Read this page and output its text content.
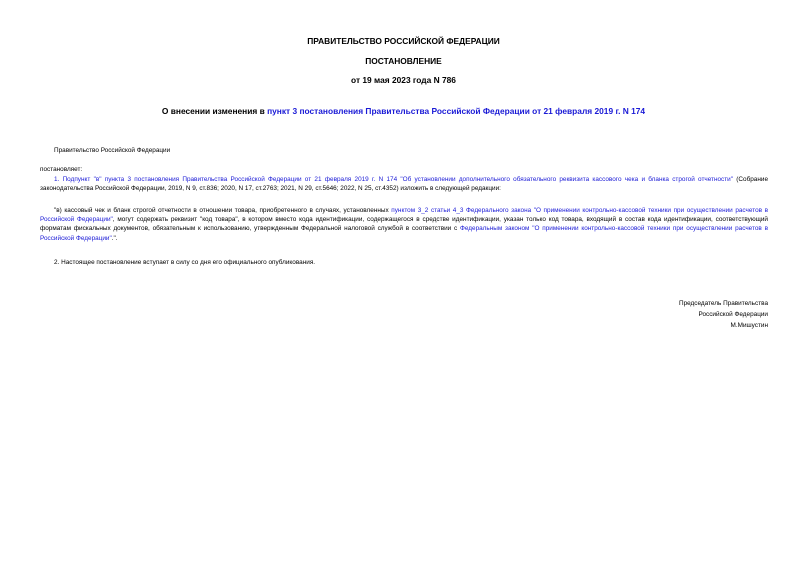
ПРАВИТЕЛЬСТВО РОССИЙСКОЙ ФЕДЕРАЦИИ
ПОСТАНОВЛЕНИЕ
от 19 мая 2023 года N 786
О внесении изменения в пункт 3 постановления Правительства Российской Федерации от 21 февраля 2019 г. N 174
Правительство Российской Федерации
постановляет:
1. Подпункт "в" пункта 3 постановления Правительства Российской Федерации от 21 февраля 2019 г. N 174 "Об установлении дополнительного обязательного реквизита кассового чека и бланка строгой отчетности" (Собрание законодательства Российской Федерации, 2019, N 9, ст.836; 2020, N 17, ст.2763; 2021, N 29, ст.5646; 2022, N 25, ст.4352) изложить в следующей редакции:
"в) кассовый чек и бланк строгой отчетности в отношении товара, приобретенного в случаях, установленных пунктом 3_2 статьи 4_3 Федерального закона "О применении контрольно-кассовой техники при осуществлении расчетов в Российской Федерации", могут содержать реквизит "код товара", в котором вместо кода идентификации, содержащегося в средстве идентификации, указан только код товара, входящий в состав кода идентификации, соответствующий форматам фискальных документов, обязательным к использованию, утвержденным Федеральной налоговой службой в соответствии с Федеральным законом "О применении контрольно-кассовой техники при осуществлении расчетов в Российской Федерации".".
2. Настоящее постановление вступает в силу со дня его официального опубликования.
Председатель Правительства
Российской Федерации
М.Мишустин
